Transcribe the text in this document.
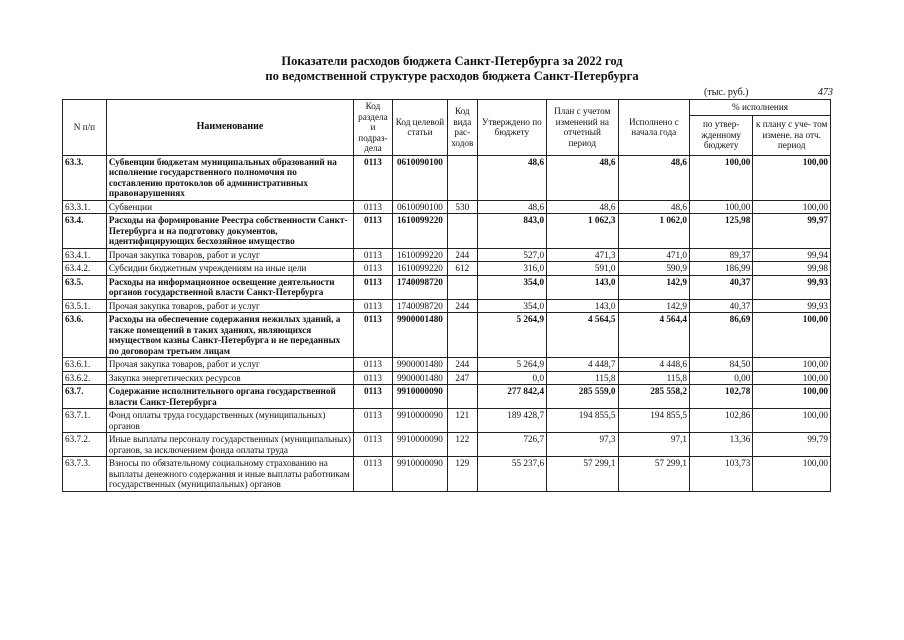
Показатели расходов бюджета Санкт-Петербурга за 2022 год
по ведомственной структуре расходов бюджета Санкт-Петербурга
(тыс. руб.)	473
N п/п	Наименование	Код раздела и подраз- дела	Код целевой статьи	Код вида рас- ходов	Утверждено по бюджету	План с учетом изменений на отчетный период	Исполнено с начала года	% исполнения	
								по утвер- жденному бюджету	к плану с уче- том измене. на отч. период
63.3.	Субвенции бюджетам муниципальных образований на исполнение государственного полномочия по составлению протоколов об административных правонарушениях	0113	0610090100		48,6	48,6	48,6	100,00	100,00
63.3.1.	Субвенции	0113	0610090100	530	48,6	48,6	48,6	100,00	100,00
63.4.	Расходы на формирование Реестра собственности Санкт-Петербурга и на подготовку документов, идентифицирующих бесхозяйное имущество	0113	1610099220		843,0	1 062,3	1 062,0	125,98	99,97
63.4.1.	Прочая закупка товаров, работ и услуг	0113	1610099220	244	527,0	471,3	471,0	89,37	99,94
63.4.2.	Субсидии бюджетным учреждениям на иные цели	0113	1610099220	612	316,0	591,0	590,9	186,99	99,98
63.5.	Расходы на информационное освещение деятельности органов государственной власти Санкт-Петербурга	0113	1740098720		354,0	143,0	142,9	40,37	99,93
63.5.1.	Прочая закупка товаров, работ и услуг	0113	1740098720	244	354,0	143,0	142,9	40,37	99,93
63.6.	Расходы на обеспечение содержания нежилых зданий, а также помещений в таких зданиях, являющихся имуществом казны Санкт-Петербурга и не переданных по договорам третьим лицам	0113	9900001480		5 264,9	4 564,5	4 564,4	86,69	100,00
63.6.1.	Прочая закупка товаров, работ и услуг	0113	9900001480	244	5 264,9	4 448,7	4 448,6	84,50	100,00
63.6.2.	Закупка энергетических ресурсов	0113	9900001480	247	0,0	115,8	115,8	0,00	100,00
63.7.	Содержание исполнительного органа государственной власти Санкт-Петербурга	0113	9910000090		277 842,4	285 559,0	285 558,2	102,78	100,00
63.7.1.	Фонд оплаты труда государственных (муниципальных) органов	0113	9910000090	121	189 428,7	194 855,5	194 855,5	102,86	100,00
63.7.2.	Иные выплаты персоналу государственных (муниципальных) органов, за исключением фонда оплаты труда	0113	9910000090	122	726,7	97,3	97,1	13,36	99,79
63.7.3.	Взносы по обязательному социальному страхованию на выплаты денежного содержания и иные выплаты работникам государственных (муниципальных) органов	0113	9910000090	129	55 237,6	57 299,1	57 299,1	103,73	100,00
